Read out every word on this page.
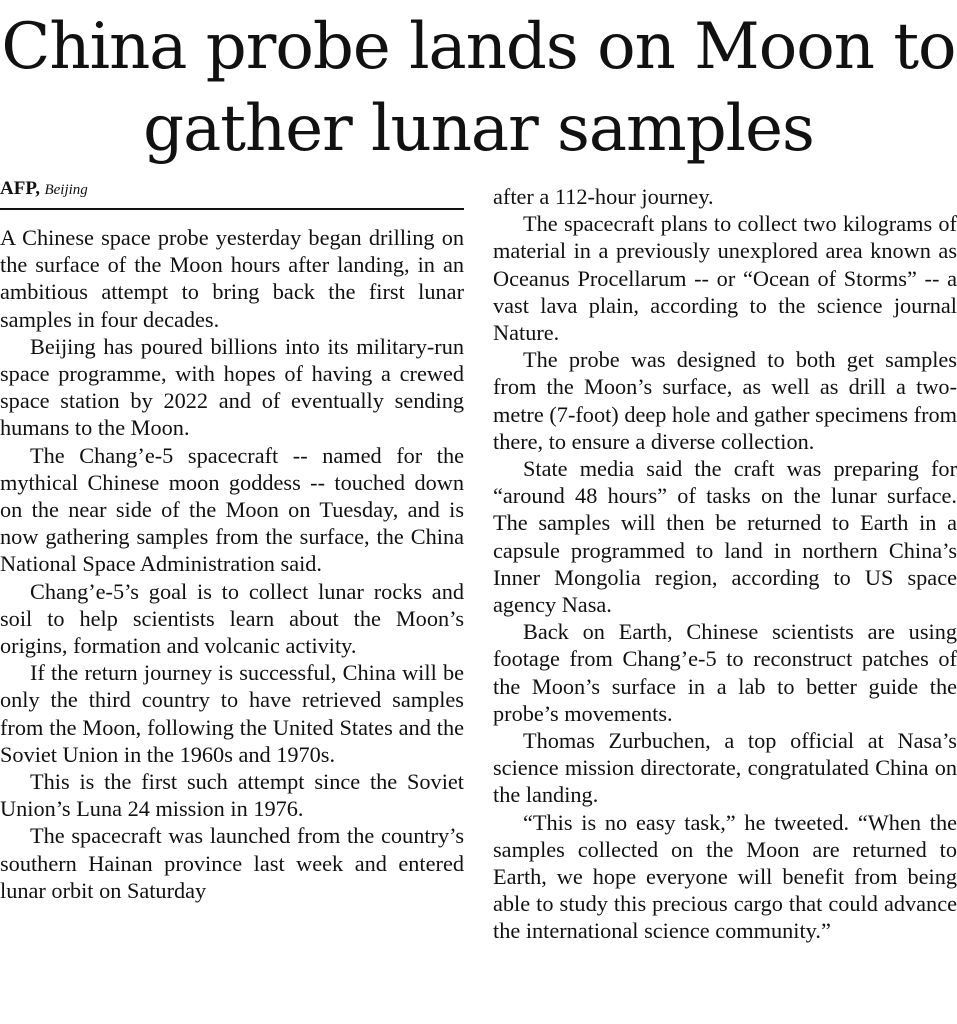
China probe lands on Moon to gather lunar samples
AFP, Beijing

A Chinese space probe yesterday began drilling on the surface of the Moon hours after landing, in an ambitious attempt to bring back the first lunar samples in four decades.

Beijing has poured billions into its military-run space programme, with hopes of having a crewed space station by 2022 and of eventually sending humans to the Moon.

The Chang’e-5 spacecraft -- named for the mythical Chinese moon goddess -- touched down on the near side of the Moon on Tuesday, and is now gathering samples from the surface, the China National Space Administration said.

Chang’e-5’s goal is to collect lunar rocks and soil to help scientists learn about the Moon’s origins, formation and volcanic activity.

If the return journey is successful, China will be only the third country to have retrieved samples from the Moon, following the United States and the Soviet Union in the 1960s and 1970s.

This is the first such attempt since the Soviet Union’s Luna 24 mission in 1976.

The spacecraft was launched from the country’s southern Hainan province last week and entered lunar orbit on Saturday

after a 112-hour journey.

The spacecraft plans to collect two kilograms of material in a previously unexplored area known as Oceanus Procellarum -- or “Ocean of Storms” -- a vast lava plain, according to the science journal Nature.

The probe was designed to both get samples from the Moon’s surface, as well as drill a two-metre (7-foot) deep hole and gather specimens from there, to ensure a diverse collection.

State media said the craft was preparing for “around 48 hours” of tasks on the lunar surface. The samples will then be returned to Earth in a capsule programmed to land in northern China’s Inner Mongolia region, according to US space agency Nasa.

Back on Earth, Chinese scientists are using footage from Chang’e-5 to reconstruct patches of the Moon’s surface in a lab to better guide the probe’s movements.

Thomas Zurbuchen, a top official at Nasa’s science mission directorate, congratulated China on the landing.

“This is no easy task,” he tweeted. “When the samples collected on the Moon are returned to Earth, we hope everyone will benefit from being able to study this precious cargo that could advance the international science community.”
